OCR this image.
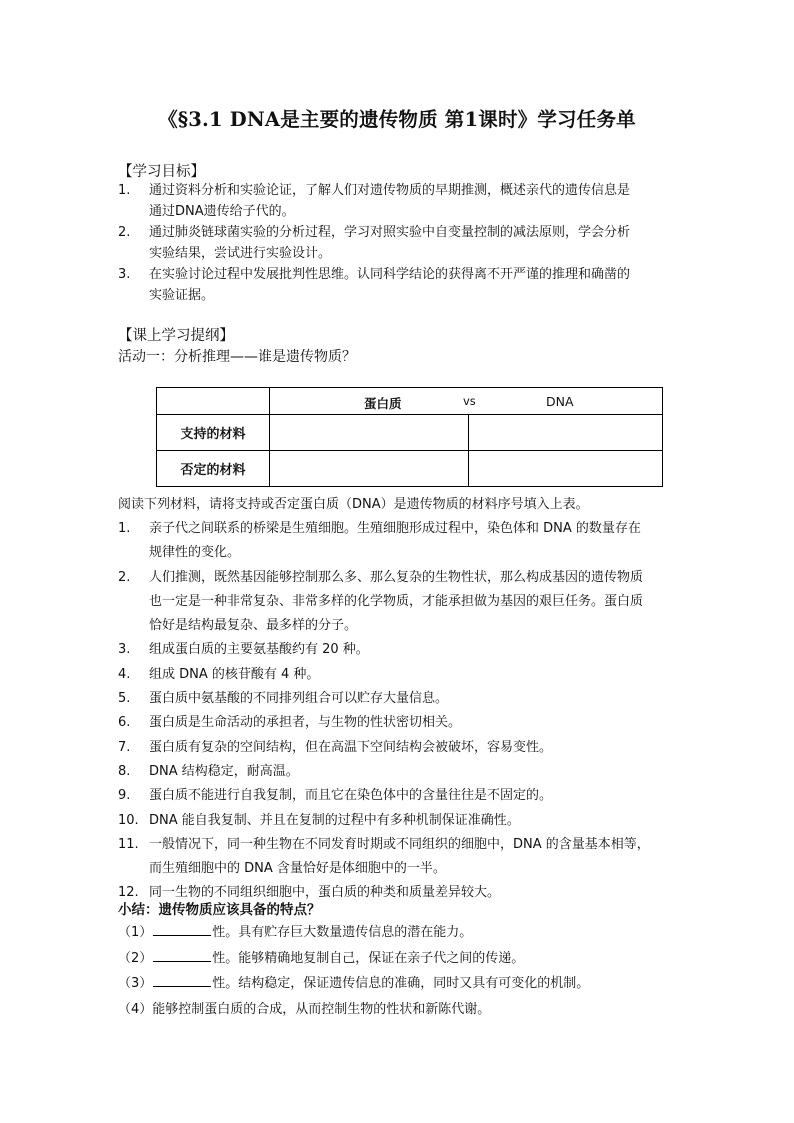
《§3.1 DNA是主要的遗传物质 第1课时》学习任务单
【学习目标】
1. 通过资料分析和实验论证，了解人们对遗传物质的早期推测，概述亲代的遗传信息是
通过DNA遗传给子代的。
2. 通过肺炎链球菌实验的分析过程，学习对照实验中自变量控制的减法原则，学会分析
实验结果，尝试进行实验设计。
3. 在实验讨论过程中发展批判性思维。认同科学结论的获得离不开严谨的推理和确凿的
实验证据。
【课上学习提纲】
活动一：分析推理——谁是遗传物质？

	蛋白质 vs DNA	

支持的材料		
否定的材料		
阅读下列材料，请将支持或否定蛋白质（DNA）是遗传物质的材料序号填入上表。
1. 亲子代之间联系的桥梁是生殖细胞。生殖细胞形成过程中，染色体和 DNA 的数量存在
规律性的变化。
2. 人们推测，既然基因能够控制那么多、那么复杂的生物性状，那么构成基因的遗传物质
也一定是一种非常复杂、非常多样的化学物质，才能承担做为基因的艰巨任务。蛋白质
恰好是结构最复杂、最多样的分子。
3. 组成蛋白质的主要氨基酸约有 20 种。
4. 组成 DNA 的核苷酸有 4 种。
5. 蛋白质中氨基酸的不同排列组合可以贮存大量信息。
6. 蛋白质是生命活动的承担者，与生物的性状密切相关。
7. 蛋白质有复杂的空间结构，但在高温下空间结构会被破坏，容易变性。
8. DNA 结构稳定，耐高温。
9. 蛋白质不能进行自我复制，而且它在染色体中的含量往往是不固定的。
10. DNA 能自我复制、并且在复制的过程中有多种机制保证准确性。
11. 一般情况下，同一种生物在不同发育时期或不同组织的细胞中，DNA 的含量基本相等，
而生殖细胞中的 DNA 含量恰好是体细胞中的一半。
12. 同一生物的不同组织细胞中，蛋白质的种类和质量差异较大。
小结：遗传物质应该具备的特点？
（1）	性。具有贮存巨大数量遗传信息的潜在能力。
（2）	性。能够精确地复制自己，保证在亲子代之间的传递。
（3）	性。结构稳定，保证遗传信息的准确，同时又具有可变化的机制。
（4）能够控制蛋白质的合成，从而控制生物的性状和新陈代谢。
